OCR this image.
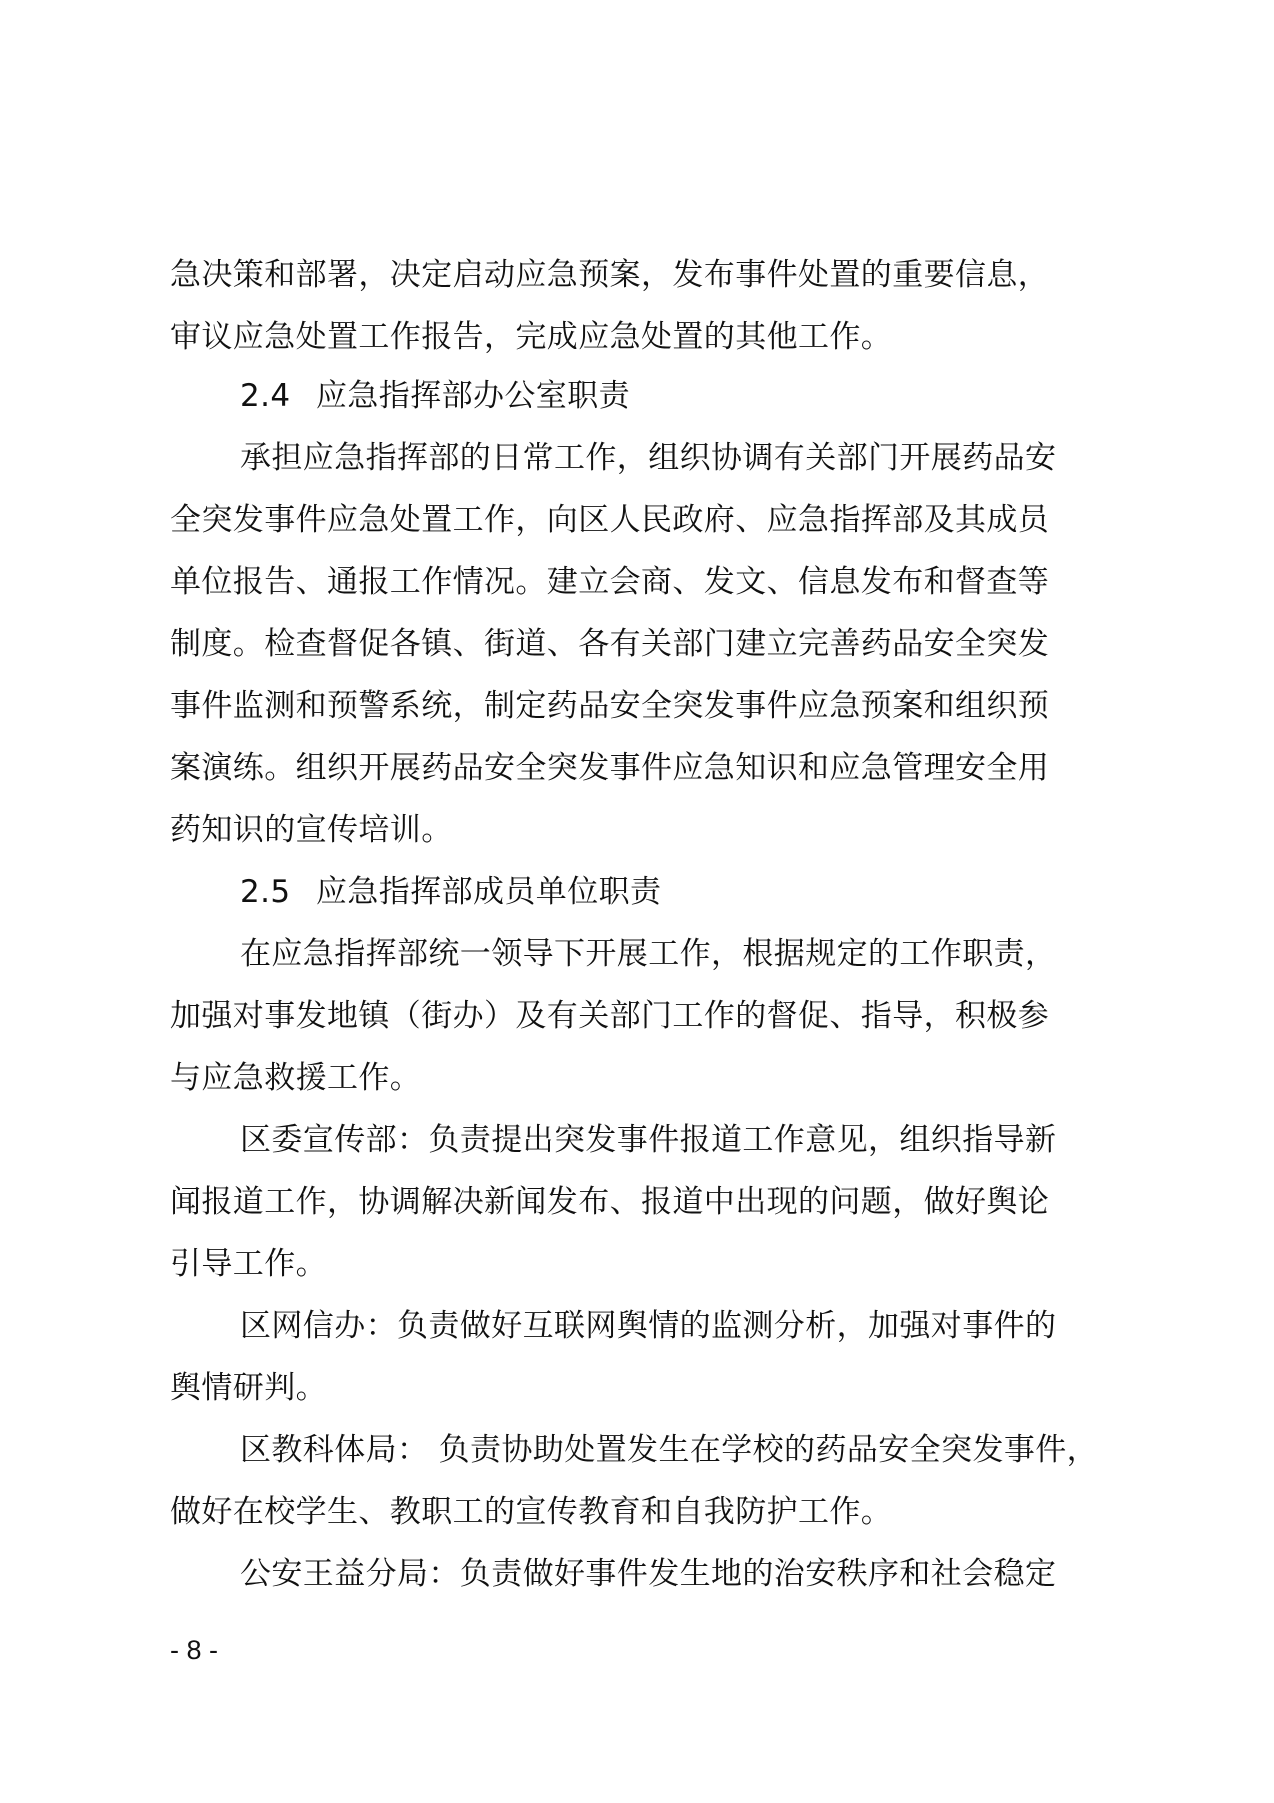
急决策和部署，决定启动应急预案，发布事件处置的重要信息，

审议应急处置工作报告，完成应急处置的其他工作。

2.4 应急指挥部办公室职责

承担应急指挥部的日常工作，组织协调有关部门开展药品安

全突发事件应急处置工作，向区人民政府、应急指挥部及其成员

单位报告、通报工作情况。建立会商、发文、信息发布和督查等

制度。检查督促各镇、街道、各有关部门建立完善药品安全突发

事件监测和预警系统，制定药品安全突发事件应急预案和组织预

案演练。组织开展药品安全突发事件应急知识和应急管理安全用

药知识的宣传培训。

2.5 应急指挥部成员单位职责

在应急指挥部统一领导下开展工作，根据规定的工作职责，

加强对事发地镇（街办）及有关部门工作的督促、指导，积极参

与应急救援工作。

区委宣传部：负责提出突发事件报道工作意见，组织指导新

闻报道工作，协调解决新闻发布、报道中出现的问题，做好舆论

引导工作。

区网信办：负责做好互联网舆情的监测分析，加强对事件的

舆情研判。

区教科体局： 负责协助处置发生在学校的药品安全突发事件，

做好在校学生、教职工的宣传教育和自我防护工作。

公安王益分局：负责做好事件发生地的治安秩序和社会稳定

- 8 -
